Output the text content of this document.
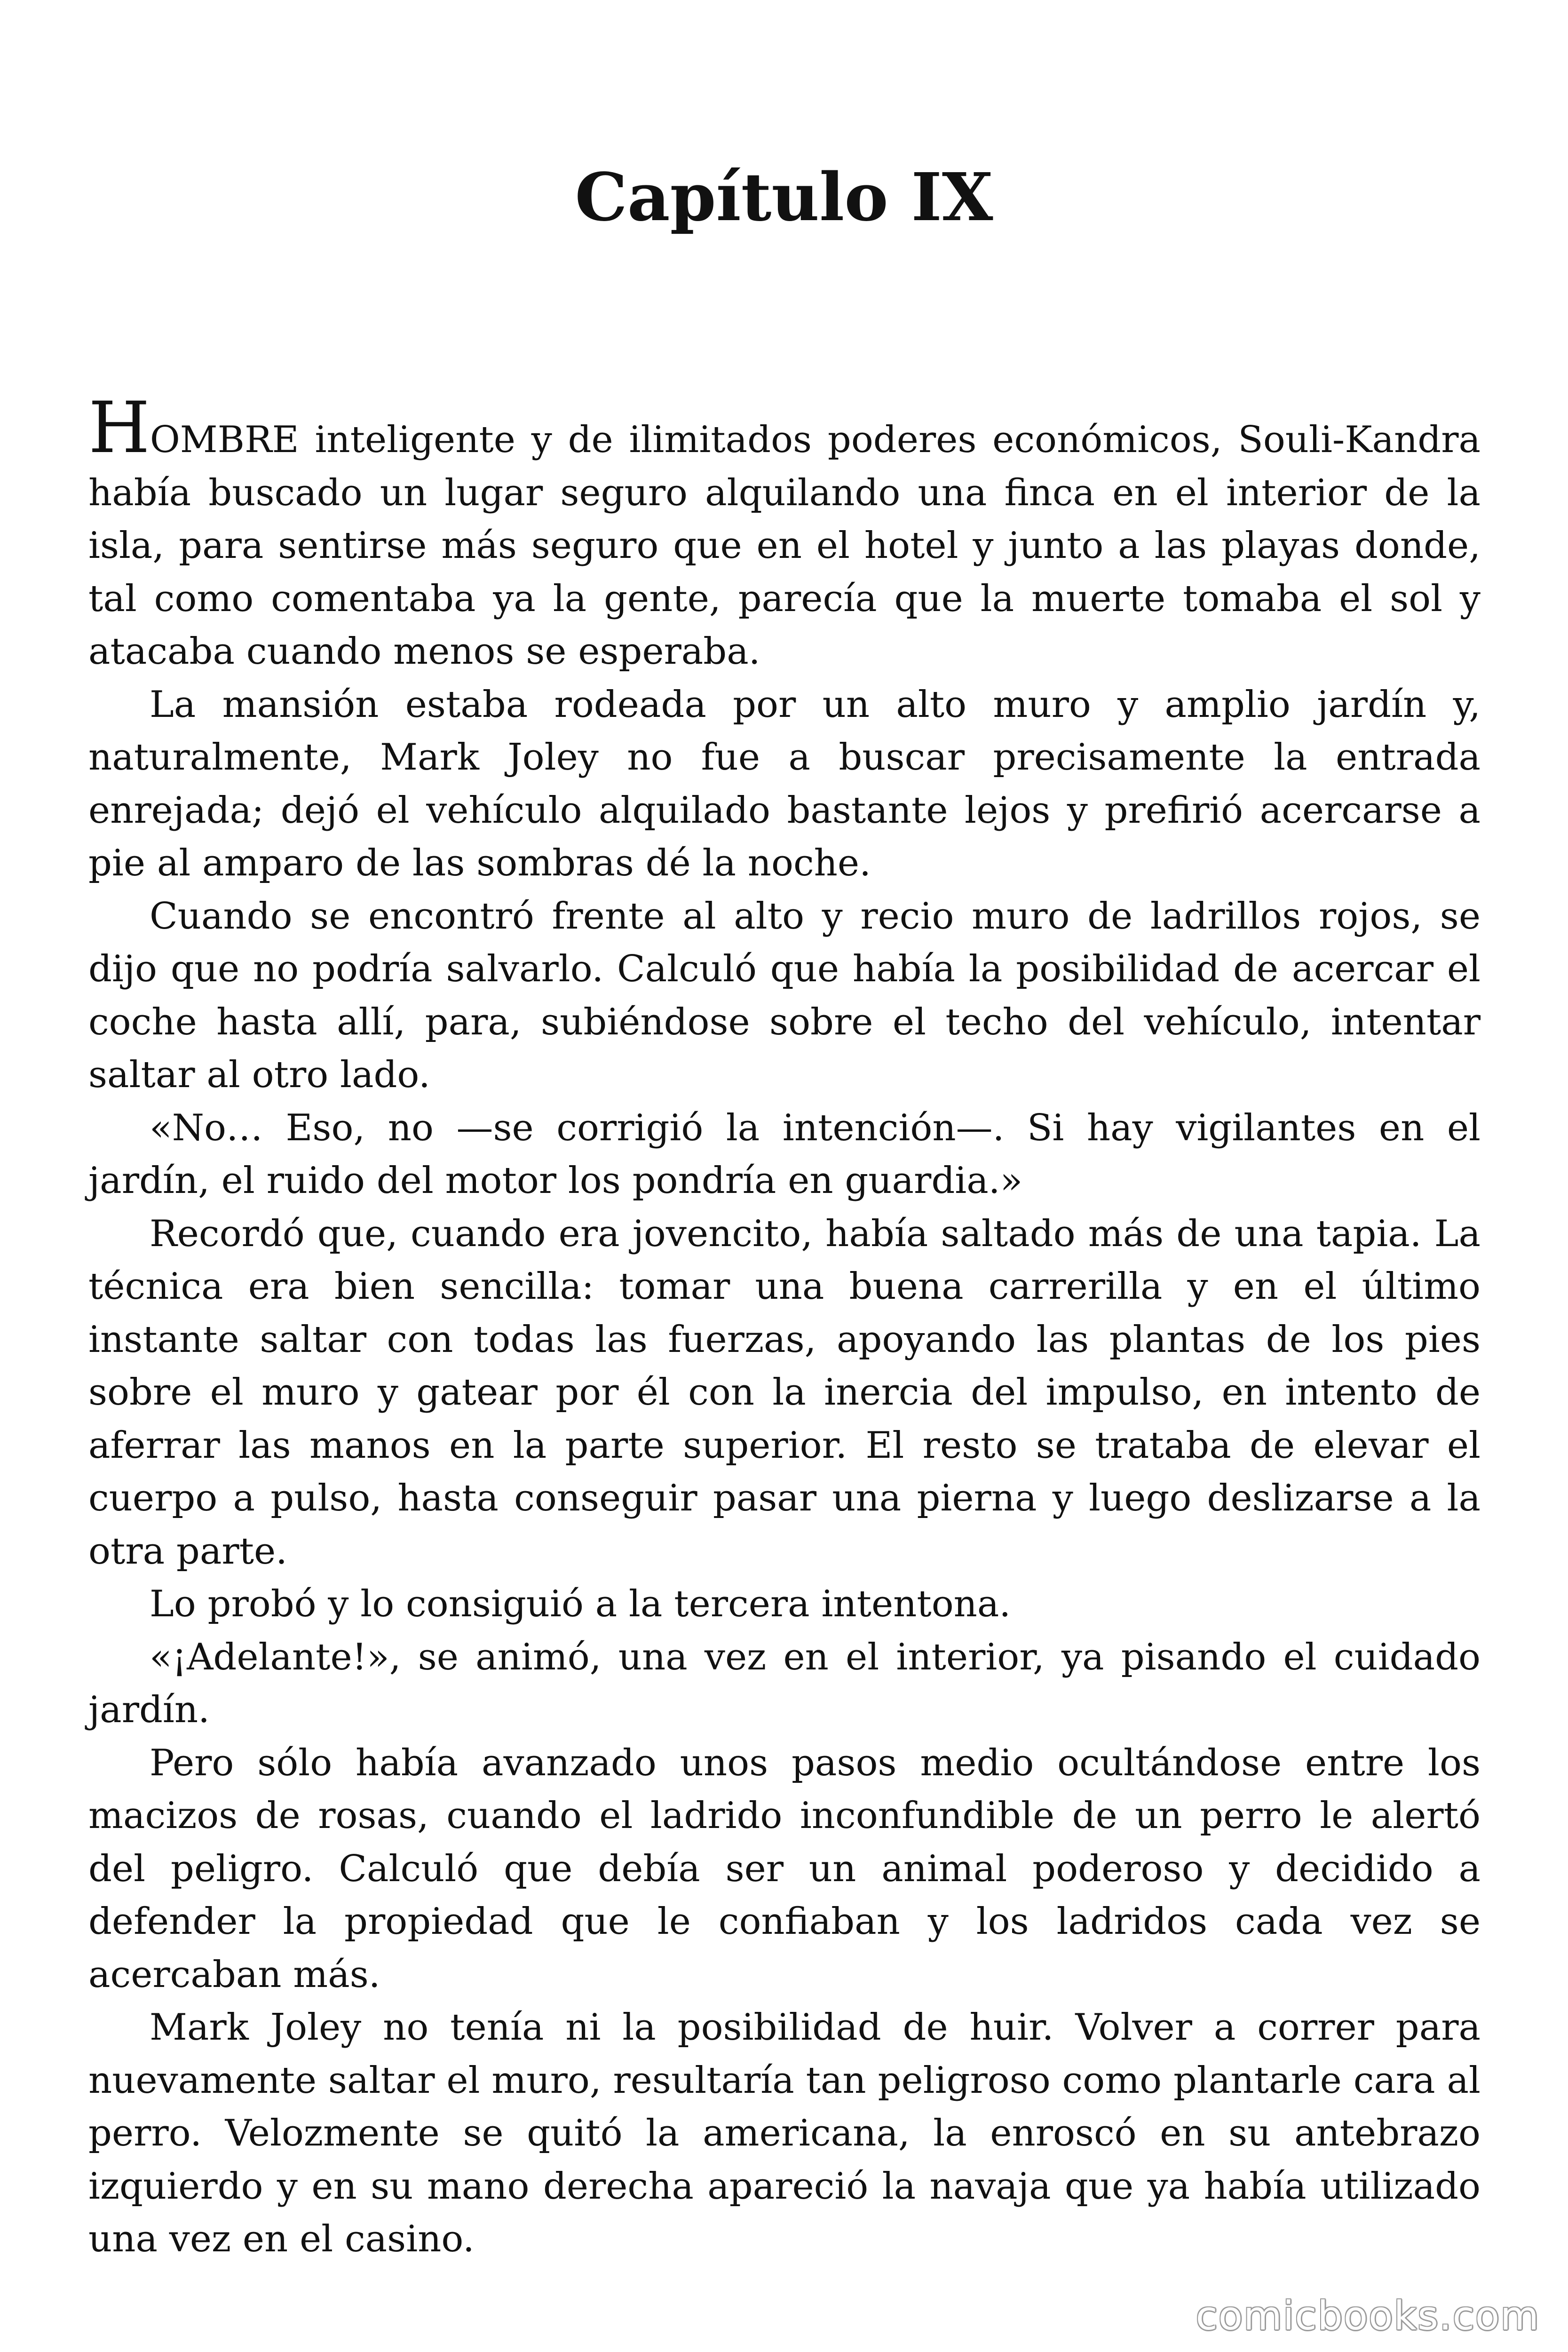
Capítulo IX

HOMBRE inteligente y de ilimitados poderes económicos, Souli-Kandra había buscado un lugar seguro alquilando una finca en el interior de la isla, para sentirse más seguro que en el hotel y junto a las playas donde, tal como comentaba ya la gente, parecía que la muerte tomaba el sol y atacaba cuando menos se esperaba.

La mansión estaba rodeada por un alto muro y amplio jardín y, naturalmente, Mark Joley no fue a buscar precisamente la entrada enrejada; dejó el vehículo alquilado bastante lejos y prefirió acercarse a pie al amparo de las sombras dé la noche.

Cuando se encontró frente al alto y recio muro de ladrillos rojos, se dijo que no podría salvarlo. Calculó que había la posibilidad de acercar el coche hasta allí, para, subiéndose sobre el techo del vehículo, intentar saltar al otro lado.

«No… Eso, no —se corrigió la intención—. Si hay vigilantes en el jardín, el ruido del motor los pondría en guardia.»

Recordó que, cuando era jovencito, había saltado más de una tapia. La técnica era bien sencilla: tomar una buena carrerilla y en el último instante saltar con todas las fuerzas, apoyando las plantas de los pies sobre el muro y gatear por él con la inercia del impulso, en intento de aferrar las manos en la parte superior. El resto se trataba de elevar el cuerpo a pulso, hasta conseguir pasar una pierna y luego deslizarse a la otra parte.

Lo probó y lo consiguió a la tercera intentona.

«¡Adelante!», se animó, una vez en el interior, ya pisando el cuidado jardín.

Pero sólo había avanzado unos pasos medio ocultándose entre los macizos de rosas, cuando el ladrido inconfundible de un perro le alertó del peligro. Calculó que debía ser un animal poderoso y decidido a defender la propiedad que le confiaban y los ladridos cada vez se acercaban más.

Mark Joley no tenía ni la posibilidad de huir. Volver a correr para nuevamente saltar el muro, resultaría tan peligroso como plantarle cara al perro. Velozmente se quitó la americana, la enroscó en su antebrazo izquierdo y en su mano derecha apareció la navaja que ya había utilizado una vez en el casino.

comicbooks.com
